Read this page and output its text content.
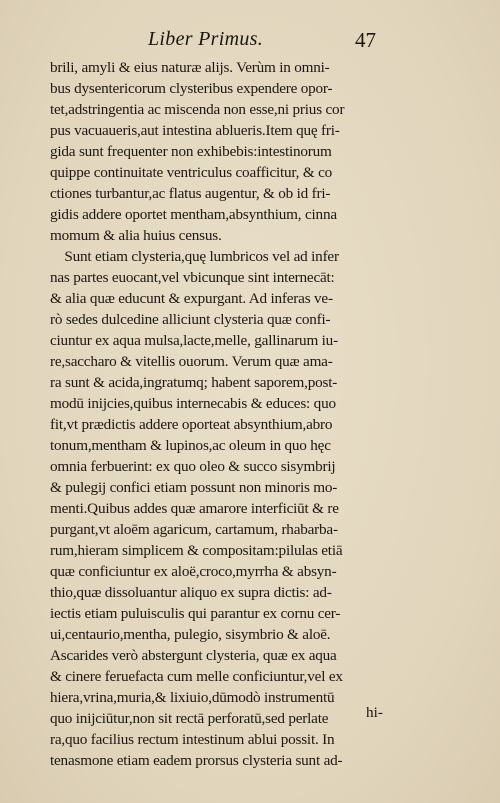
Liber Primus.	47
brili, amyli & eius naturæ alijs. Verùm in omni-
bus dysentericorum clysteribus expendere opor-
tet,adstringentia ac miscenda non esse,ni prius cor
pus vacuaueris,aut intestina ablueris.Item quę fri-
gida sunt frequenter non exhibebis:intestinorum
quippe continuitate ventriculus coafficitur, & co
ctiones turbantur,ac flatus augentur, & ob id fri-
gidis addere oportet mentham,absynthium, cinna
momum & alia huius census.
Sunt etiam clysteria,quę lumbricos vel ad infer
nas partes euocant,vel vbicunque sint internecāt:
& alia quæ educunt & expurgant. Ad inferas ve-
rò sedes dulcedine alliciunt clysteria quæ confi-
ciuntur ex aqua mulsa,lacte,melle, gallinarum iu-
re,saccharo & vitellis ouorum. Verum quæ ama-
ra sunt & acida,ingratumq; habent saporem,post-
modū inijcies,quibus internecabis & educes: quo
fit,vt prædictis addere oporteat absynthium,abro
tonum,mentham & lupinos,ac oleum in quo hęc
omnia ferbuerint: ex quo oleo & succo sisymbrij
& pulegij confici etiam possunt non minoris mo-
menti.Quibus addes quæ amarore interficiūt & re
purgant,vt aloēm agaricum, cartamum, rhabarba-
rum,hieram simplicem & compositam:pilulas etiā
quæ conficiuntur ex aloë,croco,myrrha & absyn-
thio,quæ dissoluantur aliquo ex supra dictis: ad-
iectis etiam puluisculis qui parantur ex cornu cer-
ui,centaurio,mentha, pulegio, sisymbrio & aloē.
Ascarides verò abstergunt clysteria, quæ ex aqua
& cinere feruefacta cum melle conficiuntur,vel ex
hiera,vrina,muria,& lixiuio,dūmodò instrumentū
quo inijciūtur,non sit rectā perforatū,sed perlate
ra,quo facilius rectum intestinum ablui possit. In
tenasmone etiam eadem prorsus clysteria sunt ad-
hi-
